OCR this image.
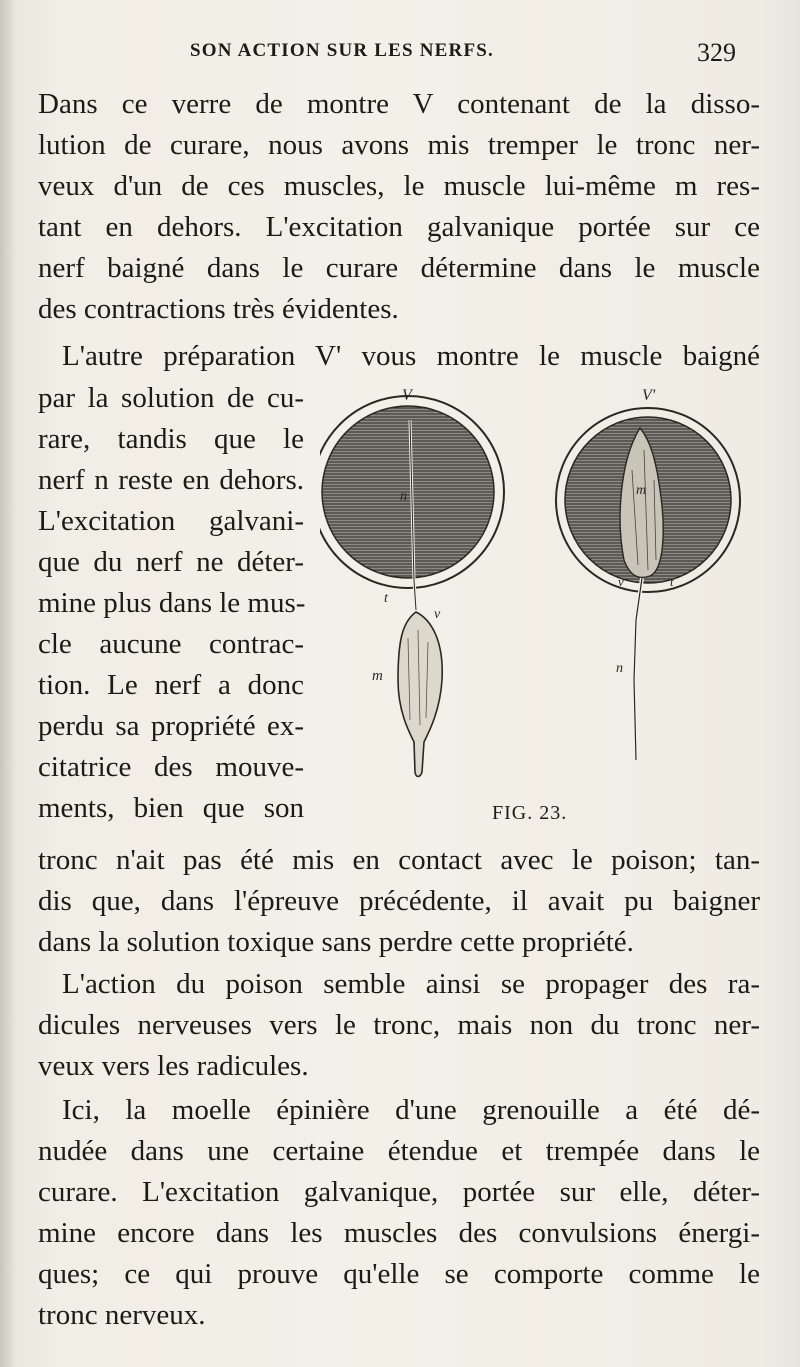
SON ACTION SUR LES NERFS.	329
Dans ce verre de montre V contenant de la disso-
lution de curare, nous avons mis tremper le tronc ner-
veux d'un de ces muscles, le muscle lui-même m res-
tant en dehors. L'excitation galvanique portée sur ce
nerf baigné dans le curare détermine dans le muscle
des contractions très évidentes.
L'autre préparation V' vous montre le muscle baigné
par la solution de cu-
rare, tandis que le
nerf n reste en dehors.
L'excitation galvani-
que du nerf ne déter-
mine plus dans le mus-
cle aucune contrac-
tion. Le nerf a donc
perdu sa propriété ex-
citatrice des mouve-
ments, bien que son
V	V'
n
t
v
m
m
v	t
n
FIG. 23.
tronc n'ait pas été mis en contact avec le poison; tan-
dis que, dans l'épreuve précédente, il avait pu baigner
dans la solution toxique sans perdre cette propriété.
L'action du poison semble ainsi se propager des ra-
dicules nerveuses vers le tronc, mais non du tronc ner-
veux vers les radicules.
Ici, la moelle épinière d'une grenouille a été dé-
nudée dans une certaine étendue et trempée dans le
curare. L'excitation galvanique, portée sur elle, déter-
mine encore dans les muscles des convulsions énergi-
ques; ce qui prouve qu'elle se comporte comme le
tronc nerveux.
